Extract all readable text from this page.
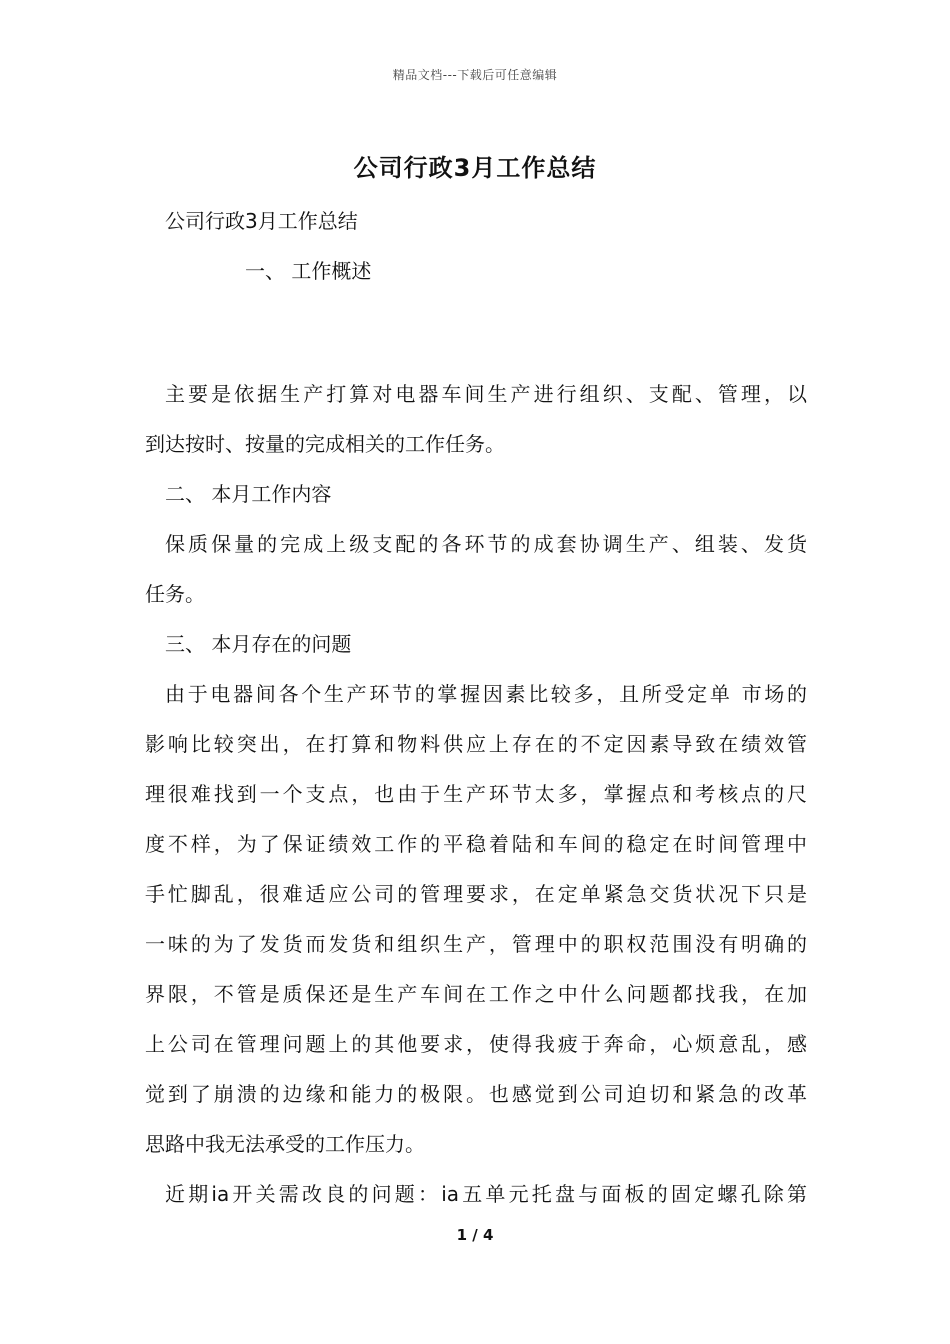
精品文档---下载后可任意编辑
公司行政3月工作总结
公司行政3月工作总结
一、 工作概述
主要是依据生产打算对电器车间生产进行组织、支配、管理，以
到达按时、按量的完成相关的工作任务。
二、 本月工作内容
保质保量的完成上级支配的各环节的成套协调生产、组装、发货
任务。
三、 本月存在的问题
由于电器间各个生产环节的掌握因素比较多，且所受定单 市场的
影响比较突出，在打算和物料供应上存在的不定因素导致在绩效管
理很难找到一个支点，也由于生产环节太多，掌握点和考核点的尺
度不样，为了保证绩效工作的平稳着陆和车间的稳定在时间管理中
手忙脚乱，很难适应公司的管理要求，在定单紧急交货状况下只是
一味的为了发货而发货和组织生产，管理中的职权范围没有明确的
界限，不管是质保还是生产车间在工作之中什么问题都找我，在加
上公司在管理问题上的其他要求，使得我疲于奔命，心烦意乱，感
觉到了崩溃的边缘和能力的极限。也感觉到公司迫切和紧急的改革
思路中我无法承受的工作压力。
近期ia开关需改良的问题：ia五单元托盘与面板的固定螺孔除第
1 / 4
